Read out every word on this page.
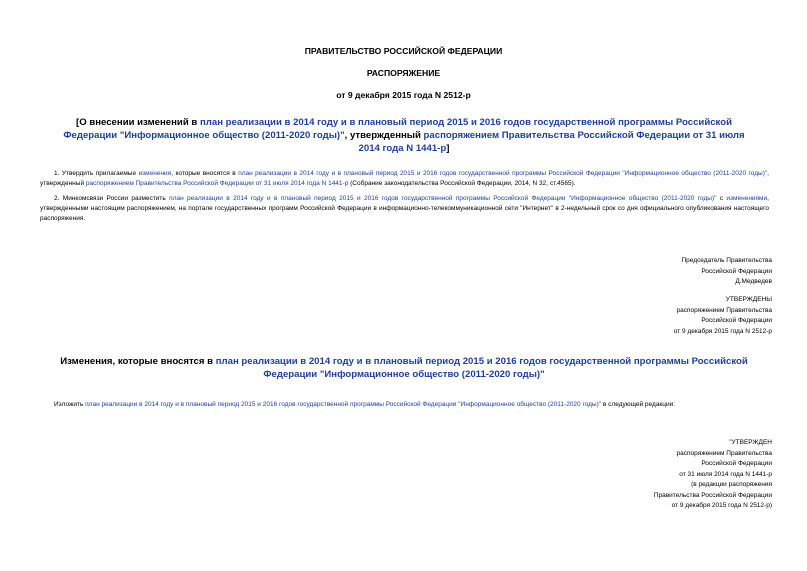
ПРАВИТЕЛЬСТВО РОССИЙСКОЙ ФЕДЕРАЦИИ
РАСПОРЯЖЕНИЕ
от 9 декабря 2015 года N 2512-р
[О внесении изменений в план реализации в 2014 году и в плановый период 2015 и 2016 годов государственной программы Российской Федерации "Информационное общество (2011-2020 годы)", утвержденный распоряжением Правительства Российской Федерации от 31 июля 2014 года N 1441-р]
1. Утвердить прилагаемые изменения, которые вносятся в план реализации в 2014 году и в плановый период 2015 и 2016 годов государственной программы Российской Федерации "Информационное общество (2011-2020 годы)", утвержденный распоряжением Правительства Российской Федерации от 31 июля 2014 года N 1441-р (Собрание законодательства Российской Федерации, 2014, N 32, ст.4565).
2. Минкомсвязи России разместить план реализации в 2014 году и в плановый период 2015 и 2016 годов государственной программы Российской Федерации "Информационное общество (2011-2020 годы)" с изменениями, утвержденными настоящим распоряжением, на портале государственных программ Российской Федерации в информационно-телекоммуникационной сети "Интернет" в 2-недельный срок со дня официального опубликования настоящего распоряжения.
Председатель Правительства
Российской Федерации
Д.Медведев
УТВЕРЖДЕНЫ
распоряжением Правительства
Российской Федерации
от 9 декабря 2015 года N 2512-р
Изменения, которые вносятся в план реализации в 2014 году и в плановый период 2015 и 2016 годов государственной программы Российской Федерации "Информационное общество (2011-2020 годы)"
Изложить план реализации в 2014 году и в плановый период 2015 и 2016 годов государственной программы Российской Федерации "Информационное общество (2011-2020 годы)" в следующей редакции:
"УТВЕРЖДЕН
распоряжением Правительства
Российской Федерации
от 31 июля 2014 года N 1441-р
(в редакции распоряжения
Правительства Российской Федерации
от 9 декабря 2015 года N 2512-р)
